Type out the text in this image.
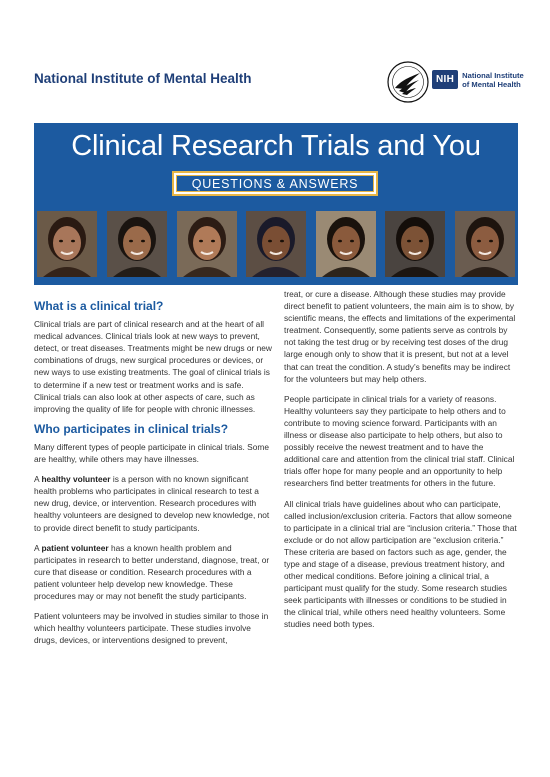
National Institute of Mental Health	NIH	National Institute
of Mental Health
Clinical Research Trials and You
QUESTIONS & ANSWERS
What is a clinical trial?

Clinical trials are part of clinical research and at the heart of all medical advances. Clinical trials look at new ways to prevent, detect, or treat diseases. Treatments might be new drugs or new combinations of drugs, new surgical procedures or devices, or new ways to use existing treatments. The goal of clinical trials is to determine if a new test or treatment works and is safe. Clinical trials can also look at other aspects of care, such as improving the quality of life for people with chronic illnesses.

Who participates in clinical trials?

Many different types of people participate in clinical trials. Some are healthy, while others may have illnesses.

A healthy volunteer is a person with no known significant health problems who participates in clinical research to test a new drug, device, or intervention. Research procedures with healthy volunteers are designed to develop new knowledge, not to provide direct benefit to study participants.

A patient volunteer has a known health problem and participates in research to better understand, diagnose, treat, or cure that disease or condition. Research procedures with a patient volunteer help develop new knowledge. These procedures may or may not benefit the study participants.

Patient volunteers may be involved in studies similar to those in which healthy volunteers participate. These studies involve drugs, devices, or interventions designed to prevent,

treat, or cure a disease. Although these studies may provide direct benefit to patient volunteers, the main aim is to show, by scientific means, the effects and limitations of the experimental treatment. Consequently, some patients serve as controls by not taking the test drug or by receiving test doses of the drug large enough only to show that it is present, but not at a level that can treat the condition. A study’s benefits may be indirect for the volunteers but may help others.

People participate in clinical trials for a variety of reasons. Healthy volunteers say they participate to help others and to contribute to moving science forward. Participants with an illness or disease also participate to help others, but also to possibly receive the newest treatment and to have the additional care and attention from the clinical trial staff. Clinical trials offer hope for many people and an opportunity to help researchers find better treatments for others in the future.

All clinical trials have guidelines about who can participate, called inclusion/exclusion criteria. Factors that allow someone to participate in a clinical trial are “inclusion criteria.” Those that exclude or do not allow participation are “exclusion criteria.” These criteria are based on factors such as age, gender, the type and stage of a disease, previous treatment history, and other medical conditions. Before joining a clinical trial, a participant must qualify for the study. Some research studies seek participants with illnesses or conditions to be studied in the clinical trial, while others need healthy volunteers. Some studies need both types.
